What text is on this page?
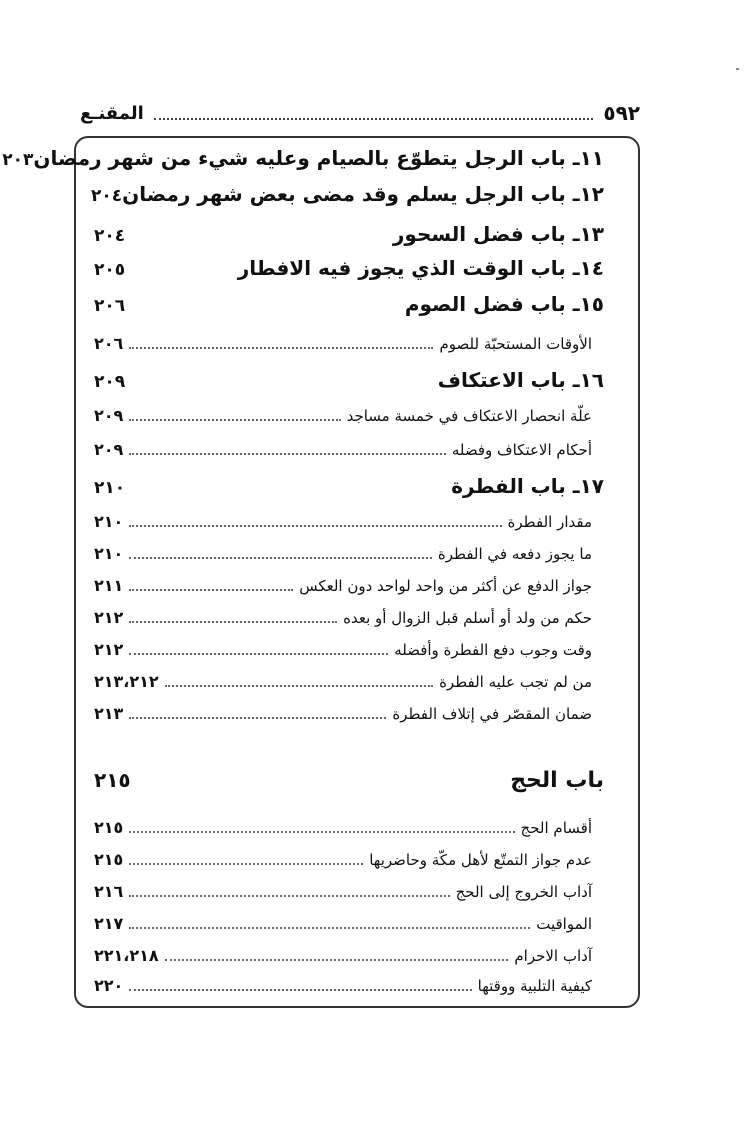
٥٩٢
المقنـع
١١ـ باب الرجل يتطوّع بالصيام وعليه شيء من شهر رمضان
٢٠٣
١٢ـ باب الرجل يسلم وقد مضى بعض شهر رمضان
٢٠٤
١٣ـ باب فضل السحور
٢٠٤
١٤ـ باب الوقت الذي يجوز فيه الافطار
٢٠٥
١٥ـ باب فضل الصوم
٢٠٦
الأوقات المستحبّة للصوم
٢٠٦
١٦ـ باب الاعتكاف
٢٠٩
علّة انحصار الاعتكاف في خمسة مساجد
٢٠٩
أحكام الاعتكاف وفضله
٢٠٩
١٧ـ باب الفطرة
٢١٠
مقدار الفطرة
٢١٠
ما يجوز دفعه في الفطرة
٢١٠
جواز الدفع عن أكثر من واحد لواحد دون العكس
٢١١
حكم من ولد أو أسلم قبل الزوال أو بعده
٢١٢
وقت وجوب دفع الفطرة وأفضله
٢١٢
من لم تجب عليه الفطرة
٢١٣،٢١٢
ضمان المقصّر في إتلاف الفطرة
٢١٣
باب الحج
٢١٥
أقسام الحج
٢١٥
عدم جواز التمتّع لأهل مكّة وحاضريها
٢١٥
آداب الخروج إلى الحج
٢١٦
المواقيت
٢١٧
آداب الاحرام
٢٢١،٢١٨
كيفية التلبية ووقتها
٢٢٠
